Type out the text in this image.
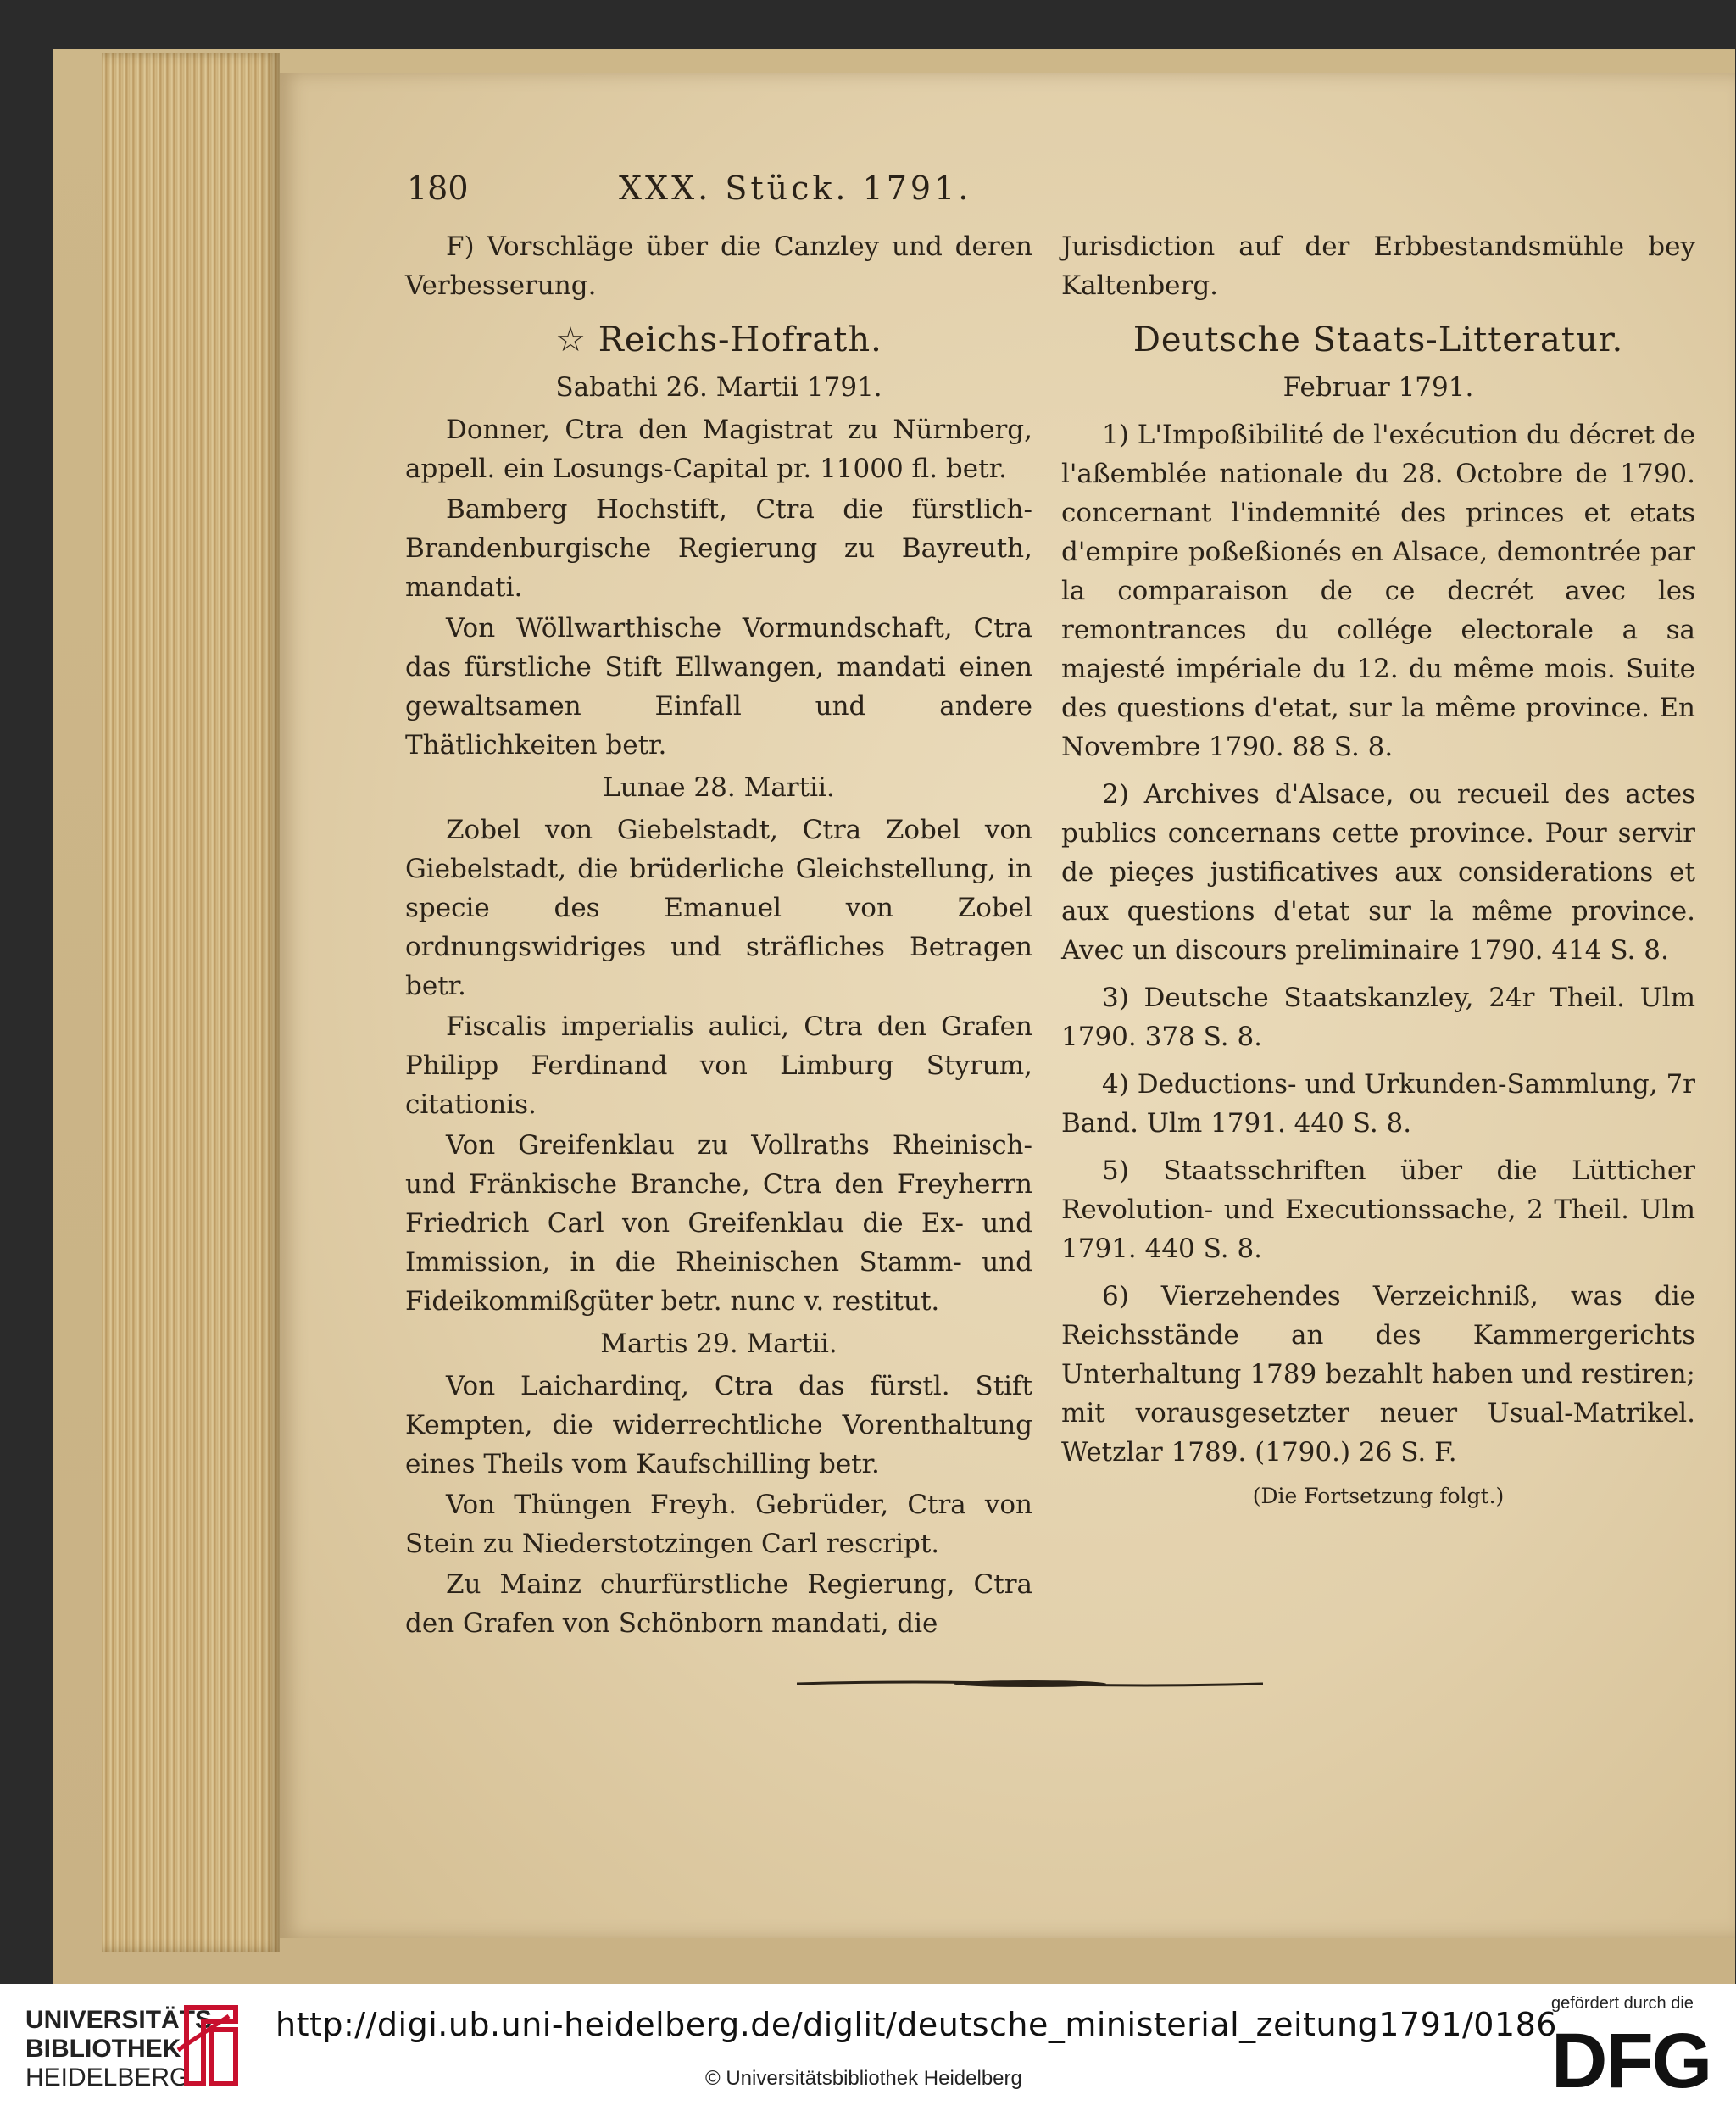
180	XXX. Stück. 1791.

F) Vorschläge über die Canzley und deren Verbesserung.

☆ Reichs-Hofrath.
Sabathi 26. Martii 1791.

Donner, Ctra den Magistrat zu Nürnberg, appell. ein Losungs-Capital pr. 11000 fl. betr.

Bamberg Hochstift, Ctra die fürstlich-Brandenburgische Regierung zu Bayreuth, mandati.

Von Wöllwarthische Vormundschaft, Ctra das fürstliche Stift Ellwangen, mandati einen gewaltsamen Einfall und andere Thätlichkeiten betr.

Lunae 28. Martii.

Zobel von Giebelstadt, Ctra Zobel von Giebelstadt, die brüderliche Gleichstellung, in specie des Emanuel von Zobel ordnungswidriges und sträfliches Betragen betr.

Fiscalis imperialis aulici, Ctra den Grafen Philipp Ferdinand von Limburg Styrum, citationis.

Von Greifenklau zu Vollraths Rheinisch- und Fränkische Branche, Ctra den Freyherrn Friedrich Carl von Greifenklau die Ex- und Immission, in die Rheinischen Stamm- und Fideikommißgüter betr. nunc v. restitut.

Martis 29. Martii.

Von Laichardinq, Ctra das fürstl. Stift Kempten, die widerrechtliche Vorenthaltung eines Theils vom Kaufschilling betr.

Von Thüngen Freyh. Gebrüder, Ctra von Stein zu Niederstotzingen Carl rescript.

Zu Mainz churfürstliche Regierung, Ctra den Grafen von Schönborn mandati, die

Jurisdiction auf der Erbbestandsmühle bey Kaltenberg.

Deutsche Staats-Litteratur.
Februar 1791.

1) L'Impoßibilité de l'exécution du décret de l'aßemblée nationale du 28. Octobre de 1790. concernant l'indemnité des princes et etats d'empire poßeßionés en Alsace, demontrée par la comparaison de ce decrét avec les remontrances du collége electorale a sa majesté impériale du 12. du même mois. Suite des questions d'etat, sur la même province. En Novembre 1790. 88 S. 8.

2) Archives d'Alsace, ou recueil des actes publics concernans cette province. Pour servir de pieçes justificatives aux considerations et aux questions d'etat sur la même province. Avec un discours preliminaire 1790. 414 S. 8.

3) Deutsche Staatskanzley, 24r Theil. Ulm 1790. 378 S. 8.

4) Deductions- und Urkunden-Sammlung, 7r Band. Ulm 1791. 440 S. 8.

5) Staatsschriften über die Lütticher Revolution- und Executionssache, 2 Theil. Ulm 1791. 440 S. 8.

6) Vierzehendes Verzeichniß, was die Reichsstände an des Kammergerichts Unterhaltung 1789 bezahlt haben und restiren; mit vorausgesetzter neuer Usual-Matrikel. Wetzlar 1789. (1790.) 26 S. F.

(Die Fortsetzung folgt.)
UNIVERSITÄTS-
BIBLIOTHEK
HEIDELBERG
http://digi.ub.uni-heidelberg.de/diglit/deutsche_ministerial_zeitung1791/0186
© Universitätsbibliothek Heidelberg
gefördert durch die
DFG
